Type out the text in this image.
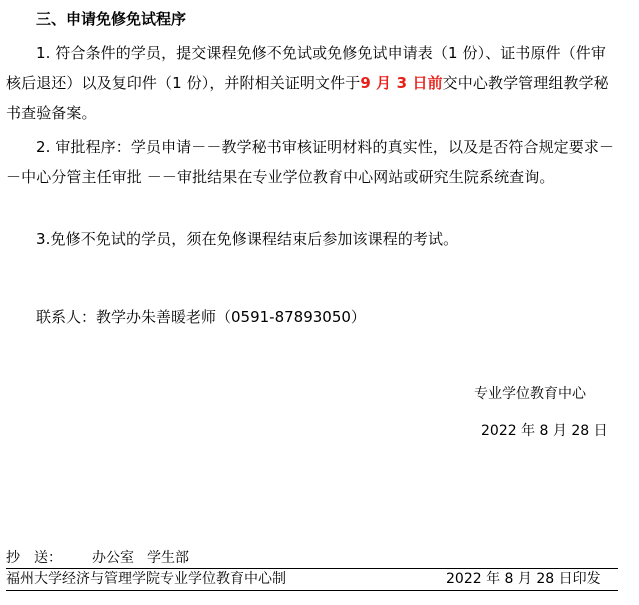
三、申请免修免试程序

1. 符合条件的学员，提交课程免修不免试或免修免试申请表（1 份）、证书原件（件审核后退还）以及复印件（1 份），并附相关证明文件于9 月 3 日前交中心教学管理组教学秘书查验备案。

2. 审批程序：学员申请－－教学秘书审核证明材料的真实性，以及是否符合规定要求－－中心分管主任审批 －－审批结果在专业学位教育中心网站或研究生院系统查询。

3.免修不免试的学员，须在免修课程结束后参加该课程的考试。

联系人：教学办朱善暖老师（0591-87893050）
专业学位教育中心
2022 年 8 月 28 日
抄　送： 办公室 学生部
福州大学经济与管理学院专业学位教育中心制	2022 年 8 月 28 日印发
